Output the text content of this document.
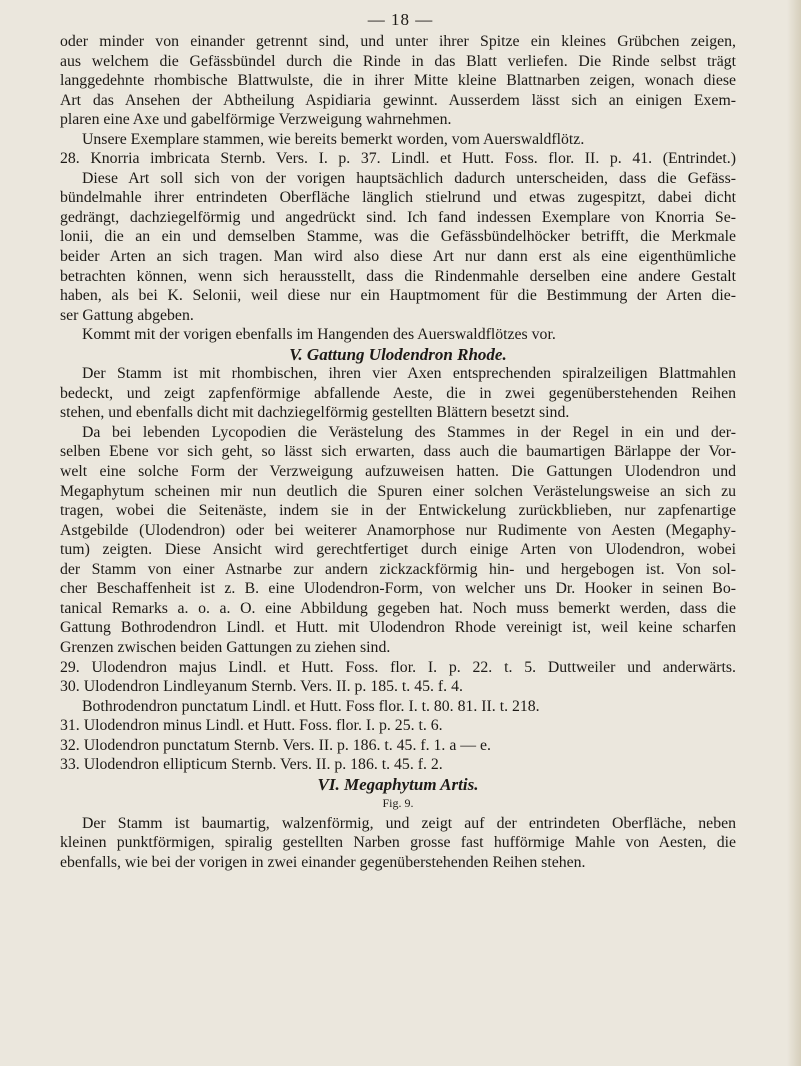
— 18 —
oder minder von einander getrennt sind, und unter ihrer Spitze ein kleines Grübchen zeigen,
aus welchem die Gefässbündel durch die Rinde in das Blatt verliefen. Die Rinde selbst trägt
langgedehnte rhombische Blattwulste, die in ihrer Mitte kleine Blattnarben zeigen, wonach diese
Art das Ansehen der Abtheilung Aspidiaria gewinnt. Ausserdem lässt sich an einigen Exem-
plaren eine Axe und gabelförmige Verzweigung wahrnehmen.
Unsere Exemplare stammen, wie bereits bemerkt worden, vom Auerswaldflötz.
28. Knorria imbricata Sternb. Vers. I. p. 37. Lindl. et Hutt. Foss. flor. II. p. 41. (Entrindet.)
Diese Art soll sich von der vorigen hauptsächlich dadurch unterscheiden, dass die Gefäss-
bündelmahle ihrer entrindeten Oberfläche länglich stielrund und etwas zugespitzt, dabei dicht
gedrängt, dachziegelförmig und angedrückt sind. Ich fand indessen Exemplare von Knorria Se-
lonii, die an ein und demselben Stamme, was die Gefässbündelhöcker betrifft, die Merkmale
beider Arten an sich tragen. Man wird also diese Art nur dann erst als eine eigenthümliche
betrachten können, wenn sich herausstellt, dass die Rindenmahle derselben eine andere Gestalt
haben, als bei K. Selonii, weil diese nur ein Hauptmoment für die Bestimmung der Arten die-
ser Gattung abgeben.
Kommt mit der vorigen ebenfalls im Hangenden des Auerswaldflötzes vor.
V. Gattung Ulodendron Rhode.
Der Stamm ist mit rhombischen, ihren vier Axen entsprechenden spiralzeiligen Blattmahlen
bedeckt, und zeigt zapfenförmige abfallende Aeste, die in zwei gegenüberstehenden Reihen
stehen, und ebenfalls dicht mit dachziegelförmig gestellten Blättern besetzt sind.
Da bei lebenden Lycopodien die Verästelung des Stammes in der Regel in ein und der-
selben Ebene vor sich geht, so lässt sich erwarten, dass auch die baumartigen Bärlappe der Vor-
welt eine solche Form der Verzweigung aufzuweisen hatten. Die Gattungen Ulodendron und
Megaphytum scheinen mir nun deutlich die Spuren einer solchen Verästelungsweise an sich zu
tragen, wobei die Seitenäste, indem sie in der Entwickelung zurückblieben, nur zapfenartige
Astgebilde (Ulodendron) oder bei weiterer Anamorphose nur Rudimente von Aesten (Megaphy-
tum) zeigten. Diese Ansicht wird gerechtfertiget durch einige Arten von Ulodendron, wobei
der Stamm von einer Astnarbe zur andern zickzackförmig hin- und hergebogen ist. Von sol-
cher Beschaffenheit ist z. B. eine Ulodendron-Form, von welcher uns Dr. Hooker in seinen Bo-
tanical Remarks a. o. a. O. eine Abbildung gegeben hat. Noch muss bemerkt werden, dass die
Gattung Bothrodendron Lindl. et Hutt. mit Ulodendron Rhode vereinigt ist, weil keine scharfen
Grenzen zwischen beiden Gattungen zu ziehen sind.
29. Ulodendron majus Lindl. et Hutt. Foss. flor. I. p. 22. t. 5. Duttweiler und anderwärts.
30. Ulodendron Lindleyanum Sternb. Vers. II. p. 185. t. 45. f. 4.
Bothrodendron punctatum Lindl. et Hutt. Foss flor. I. t. 80. 81. II. t. 218.
31. Ulodendron minus Lindl. et Hutt. Foss. flor. I. p. 25. t. 6.
32. Ulodendron punctatum Sternb. Vers. II. p. 186. t. 45. f. 1. a — e.
33. Ulodendron ellipticum Sternb. Vers. II. p. 186. t. 45. f. 2.
VI. Megaphytum Artis.
Fig. 9.
Der Stamm ist baumartig, walzenförmig, und zeigt auf der entrindeten Oberfläche, neben
kleinen punktförmigen, spiralig gestellten Narben grosse fast hufförmige Mahle von Aesten, die
ebenfalls, wie bei der vorigen in zwei einander gegenüberstehenden Reihen stehen.
